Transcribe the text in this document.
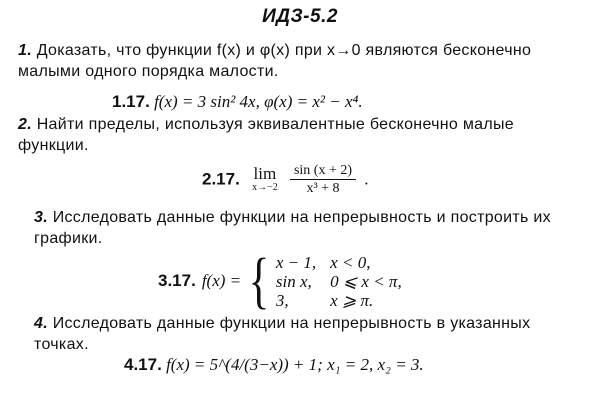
ИДЗ-5.2
1. Доказать, что функции f(x) и φ(x) при x→0 являются бесконечно малыми одного порядка малости.
1.17. f(x) = 3 sin² 4x, φ(x) = x² − x⁴.
2. Найти пределы, используя эквивалентные бесконечно малые функции.
2.17. lim
x→−2
$\frac{\sin (x + 2)}{\text{x³ + 8}}$ .
3. Исследовать данные функции на непрерывность и построить их графики.
3.17. f(x) = { x − 1, x < 0,
sin x, 0 ⩽ x < π,
3,	x ⩾ π.
4. Исследовать данные функции на непрерывность в указанных точках.
4.17. f(x) = 5^(4/(3−x)) + 1; x₁ = 2, x₂ = 3.
